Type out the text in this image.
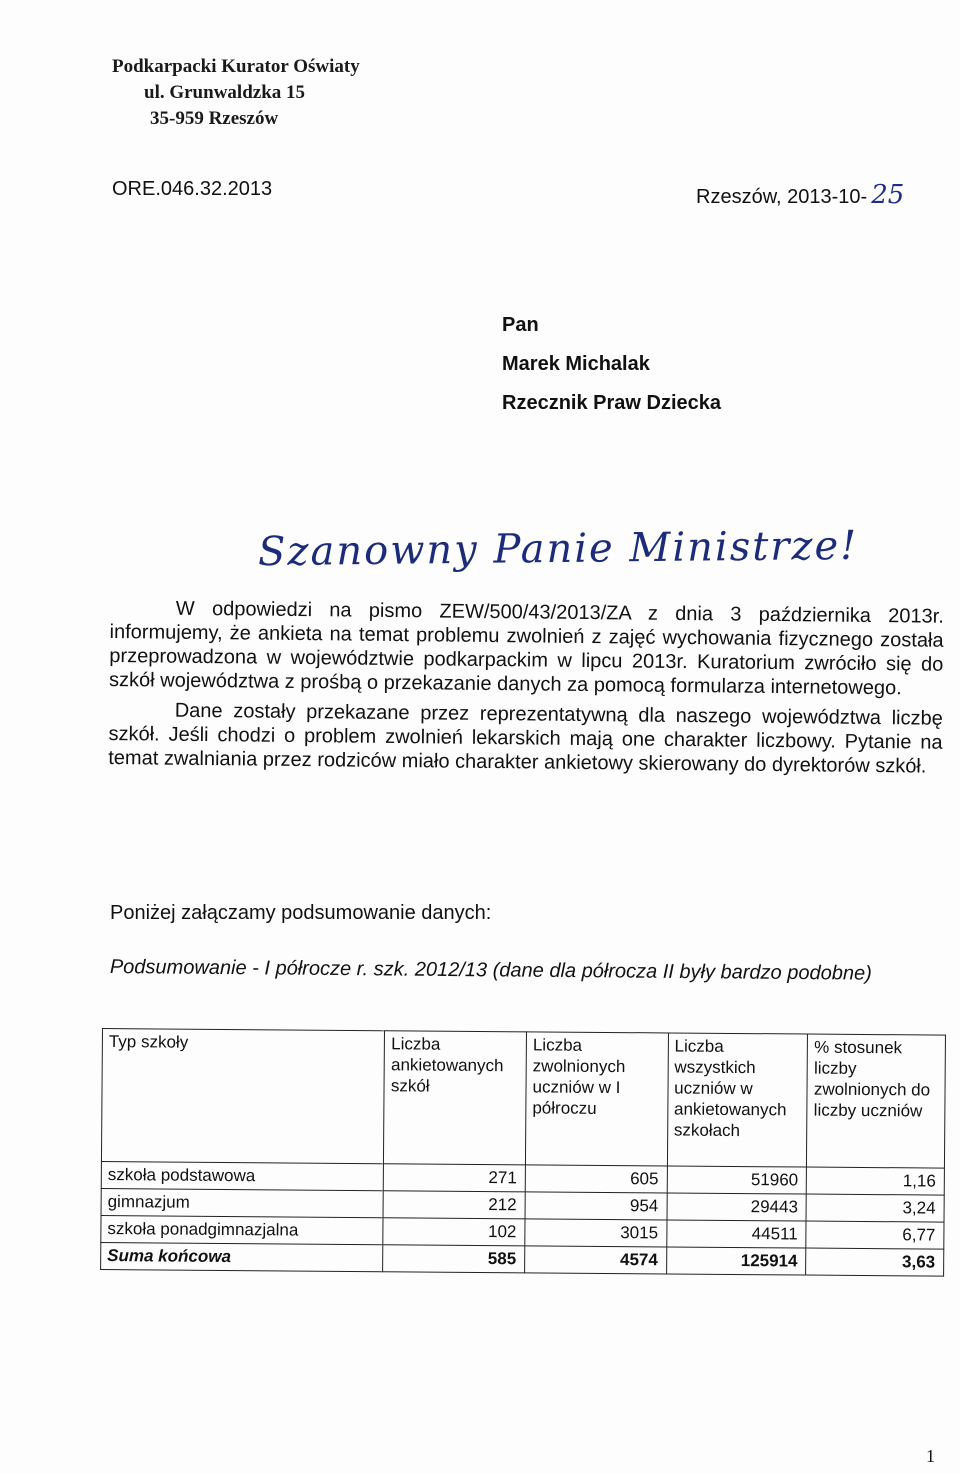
Podkarpacki Kurator Oświaty
ul. Grunwaldzka 15
35-959 Rzeszów
ORE.046.32.2013	Rzeszów, 2013-10- 25
Pan
Marek Michalak
Rzecznik Praw Dziecka
Szanowny Panie Ministrze!

W odpowiedzi na pismo ZEW/500/43/2013/ZA z dnia 3 października 2013r. informujemy, że ankieta na temat problemu zwolnień z zajęć wychowania fizycznego została przeprowadzona w województwie podkarpackim w lipcu 2013r. Kuratorium zwróciło się do szkół województwa z prośbą o przekazanie danych za pomocą formularza internetowego.

Dane zostały przekazane przez reprezentatywną dla naszego województwa liczbę szkół. Jeśli chodzi o problem zwolnień lekarskich mają one charakter liczbowy. Pytanie na temat zwalniania przez rodziców miało charakter ankietowy skierowany do dyrektorów szkół.

Poniżej załączamy podsumowanie danych:
Podsumowanie - I półrocze r. szk. 2012/13 (dane dla półrocza II były bardzo podobne)
Typ szkoły	Liczba ankietowanych szkół	Liczba zwolnionych uczniów w I półroczu	Liczba wszystkich uczniów w ankietowanych szkołach	% stosunek liczby zwolnionych do liczby uczniów
szkoła podstawowa	271	605	51960	1,16
gimnazjum	212	954	29443	3,24
szkoła ponadgimnazjalna	102	3015	44511	6,77
Suma końcowa	585	4574	125914	3,63
1
